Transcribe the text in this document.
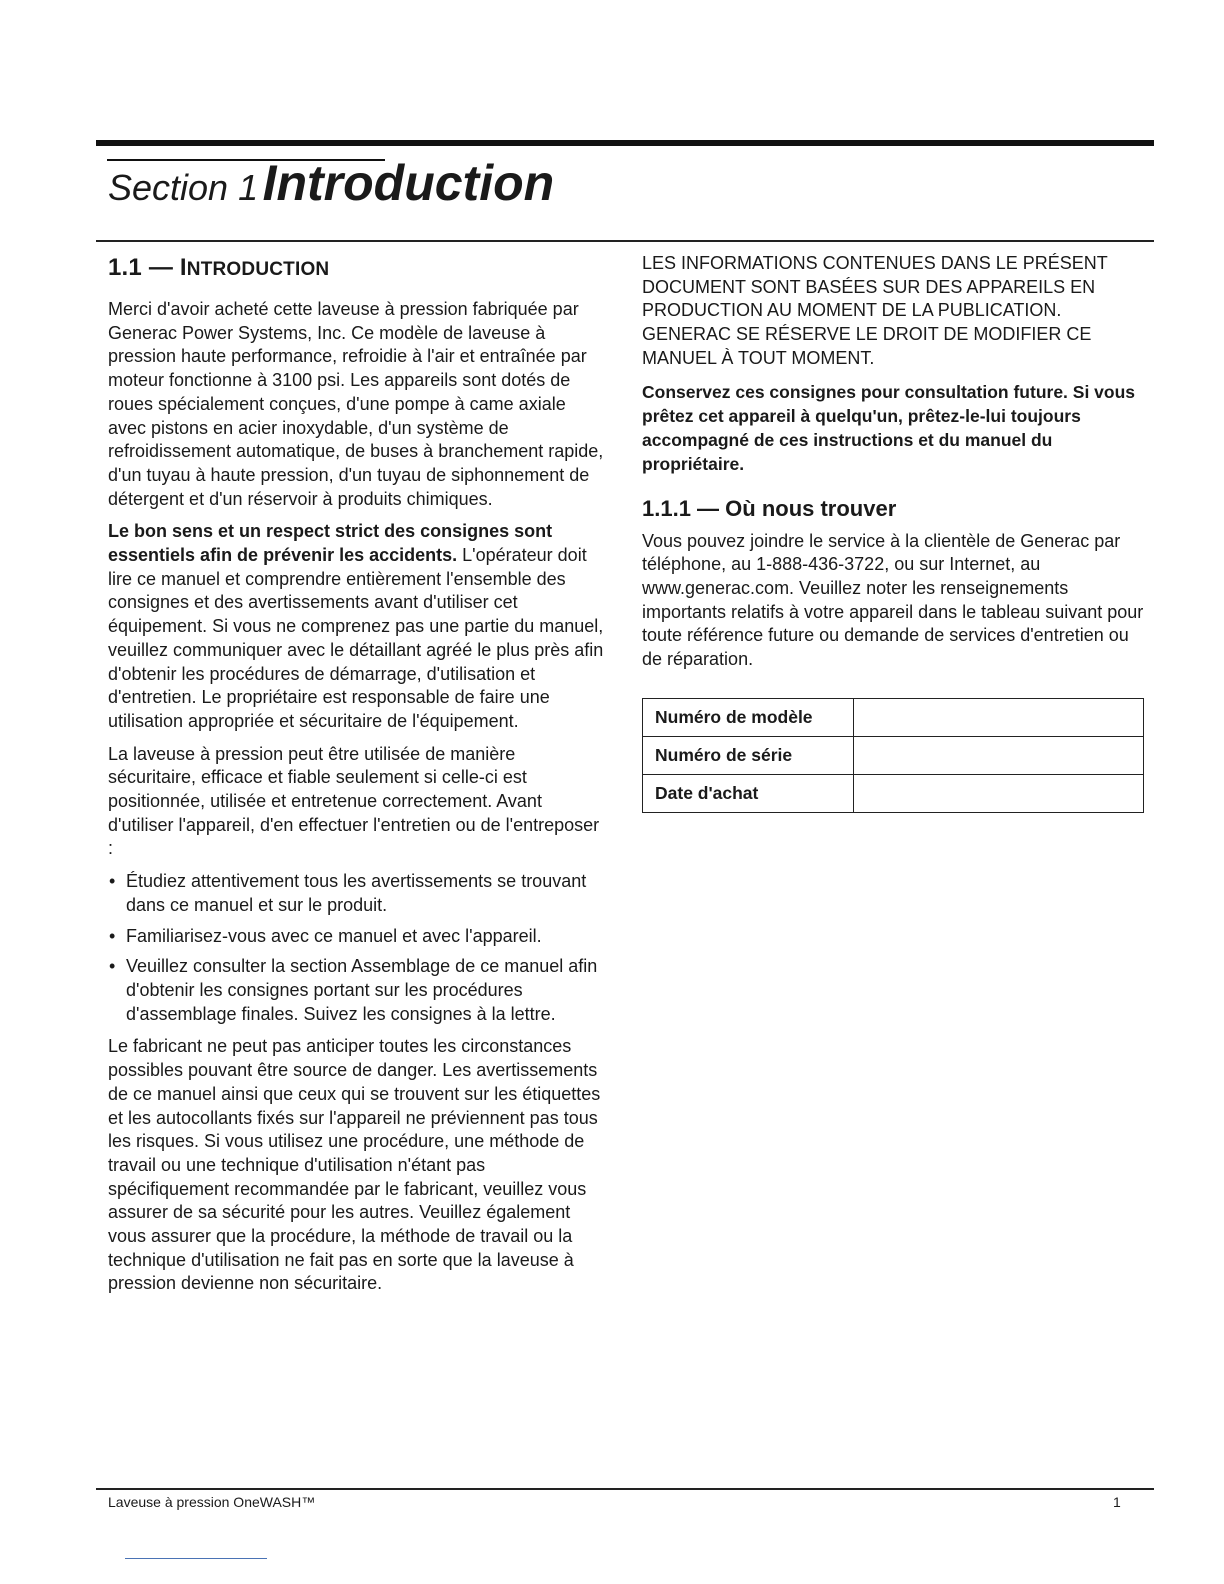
Section 1 Introduction
1.1 — INTRODUCTION

Merci d'avoir acheté cette laveuse à pression fabriquée par Generac Power Systems, Inc. Ce modèle de laveuse à pression haute performance, refroidie à l'air et entraînée par moteur fonctionne à 3100 psi. Les appareils sont dotés de roues spécialement conçues, d'une pompe à came axiale avec pistons en acier inoxydable, d'un système de refroidissement automatique, de buses à branchement rapide, d'un tuyau à haute pression, d'un tuyau de siphonnement de détergent et d'un réservoir à produits chimiques.

Le bon sens et un respect strict des consignes sont essentiels afin de prévenir les accidents. L'opérateur doit lire ce manuel et comprendre entièrement l'ensemble des consignes et des avertissements avant d'utiliser cet équipement. Si vous ne comprenez pas une partie du manuel, veuillez communiquer avec le détaillant agréé le plus près afin d'obtenir les procédures de démarrage, d'utilisation et d'entretien. Le propriétaire est responsable de faire une utilisation appropriée et sécuritaire de l'équipement.

La laveuse à pression peut être utilisée de manière sécuritaire, efficace et fiable seulement si celle-ci est positionnée, utilisée et entretenue correctement. Avant d'utiliser l'appareil, d'en effectuer l'entretien ou de l'entreposer :

• Étudiez attentivement tous les avertissements se trouvant dans ce manuel et sur le produit.
• Familiarisez-vous avec ce manuel et avec l'appareil.
• Veuillez consulter la section Assemblage de ce manuel afin d'obtenir les consignes portant sur les procédures d'assemblage finales. Suivez les consignes à la lettre.

Le fabricant ne peut pas anticiper toutes les circonstances possibles pouvant être source de danger. Les avertissements de ce manuel ainsi que ceux qui se trouvent sur les étiquettes et les autocollants fixés sur l'appareil ne préviennent pas tous les risques. Si vous utilisez une procédure, une méthode de travail ou une technique d'utilisation n'étant pas spécifiquement recommandée par le fabricant, veuillez vous assurer de sa sécurité pour les autres. Veuillez également vous assurer que la procédure, la méthode de travail ou la technique d'utilisation ne fait pas en sorte que la laveuse à pression devienne non sécuritaire.

LES INFORMATIONS CONTENUES DANS LE PRÉSENT DOCUMENT SONT BASÉES SUR DES APPAREILS EN PRODUCTION AU MOMENT DE LA PUBLICATION. GENERAC SE RÉSERVE LE DROIT DE MODIFIER CE MANUEL À TOUT MOMENT.

Conservez ces consignes pour consultation future. Si vous prêtez cet appareil à quelqu'un, prêtez-le-lui toujours accompagné de ces instructions et du manuel du propriétaire.

1.1.1 — Où nous trouver

Vous pouvez joindre le service à la clientèle de Generac par téléphone, au 1-888-436-3722, ou sur Internet, au www.generac.com. Veuillez noter les renseignements importants relatifs à votre appareil dans le tableau suivant pour toute référence future ou demande de services d'entretien ou de réparation.

Numéro de modèle	
Numéro de série	
Date d'achat	
Laveuse à pression OneWASH™	1
